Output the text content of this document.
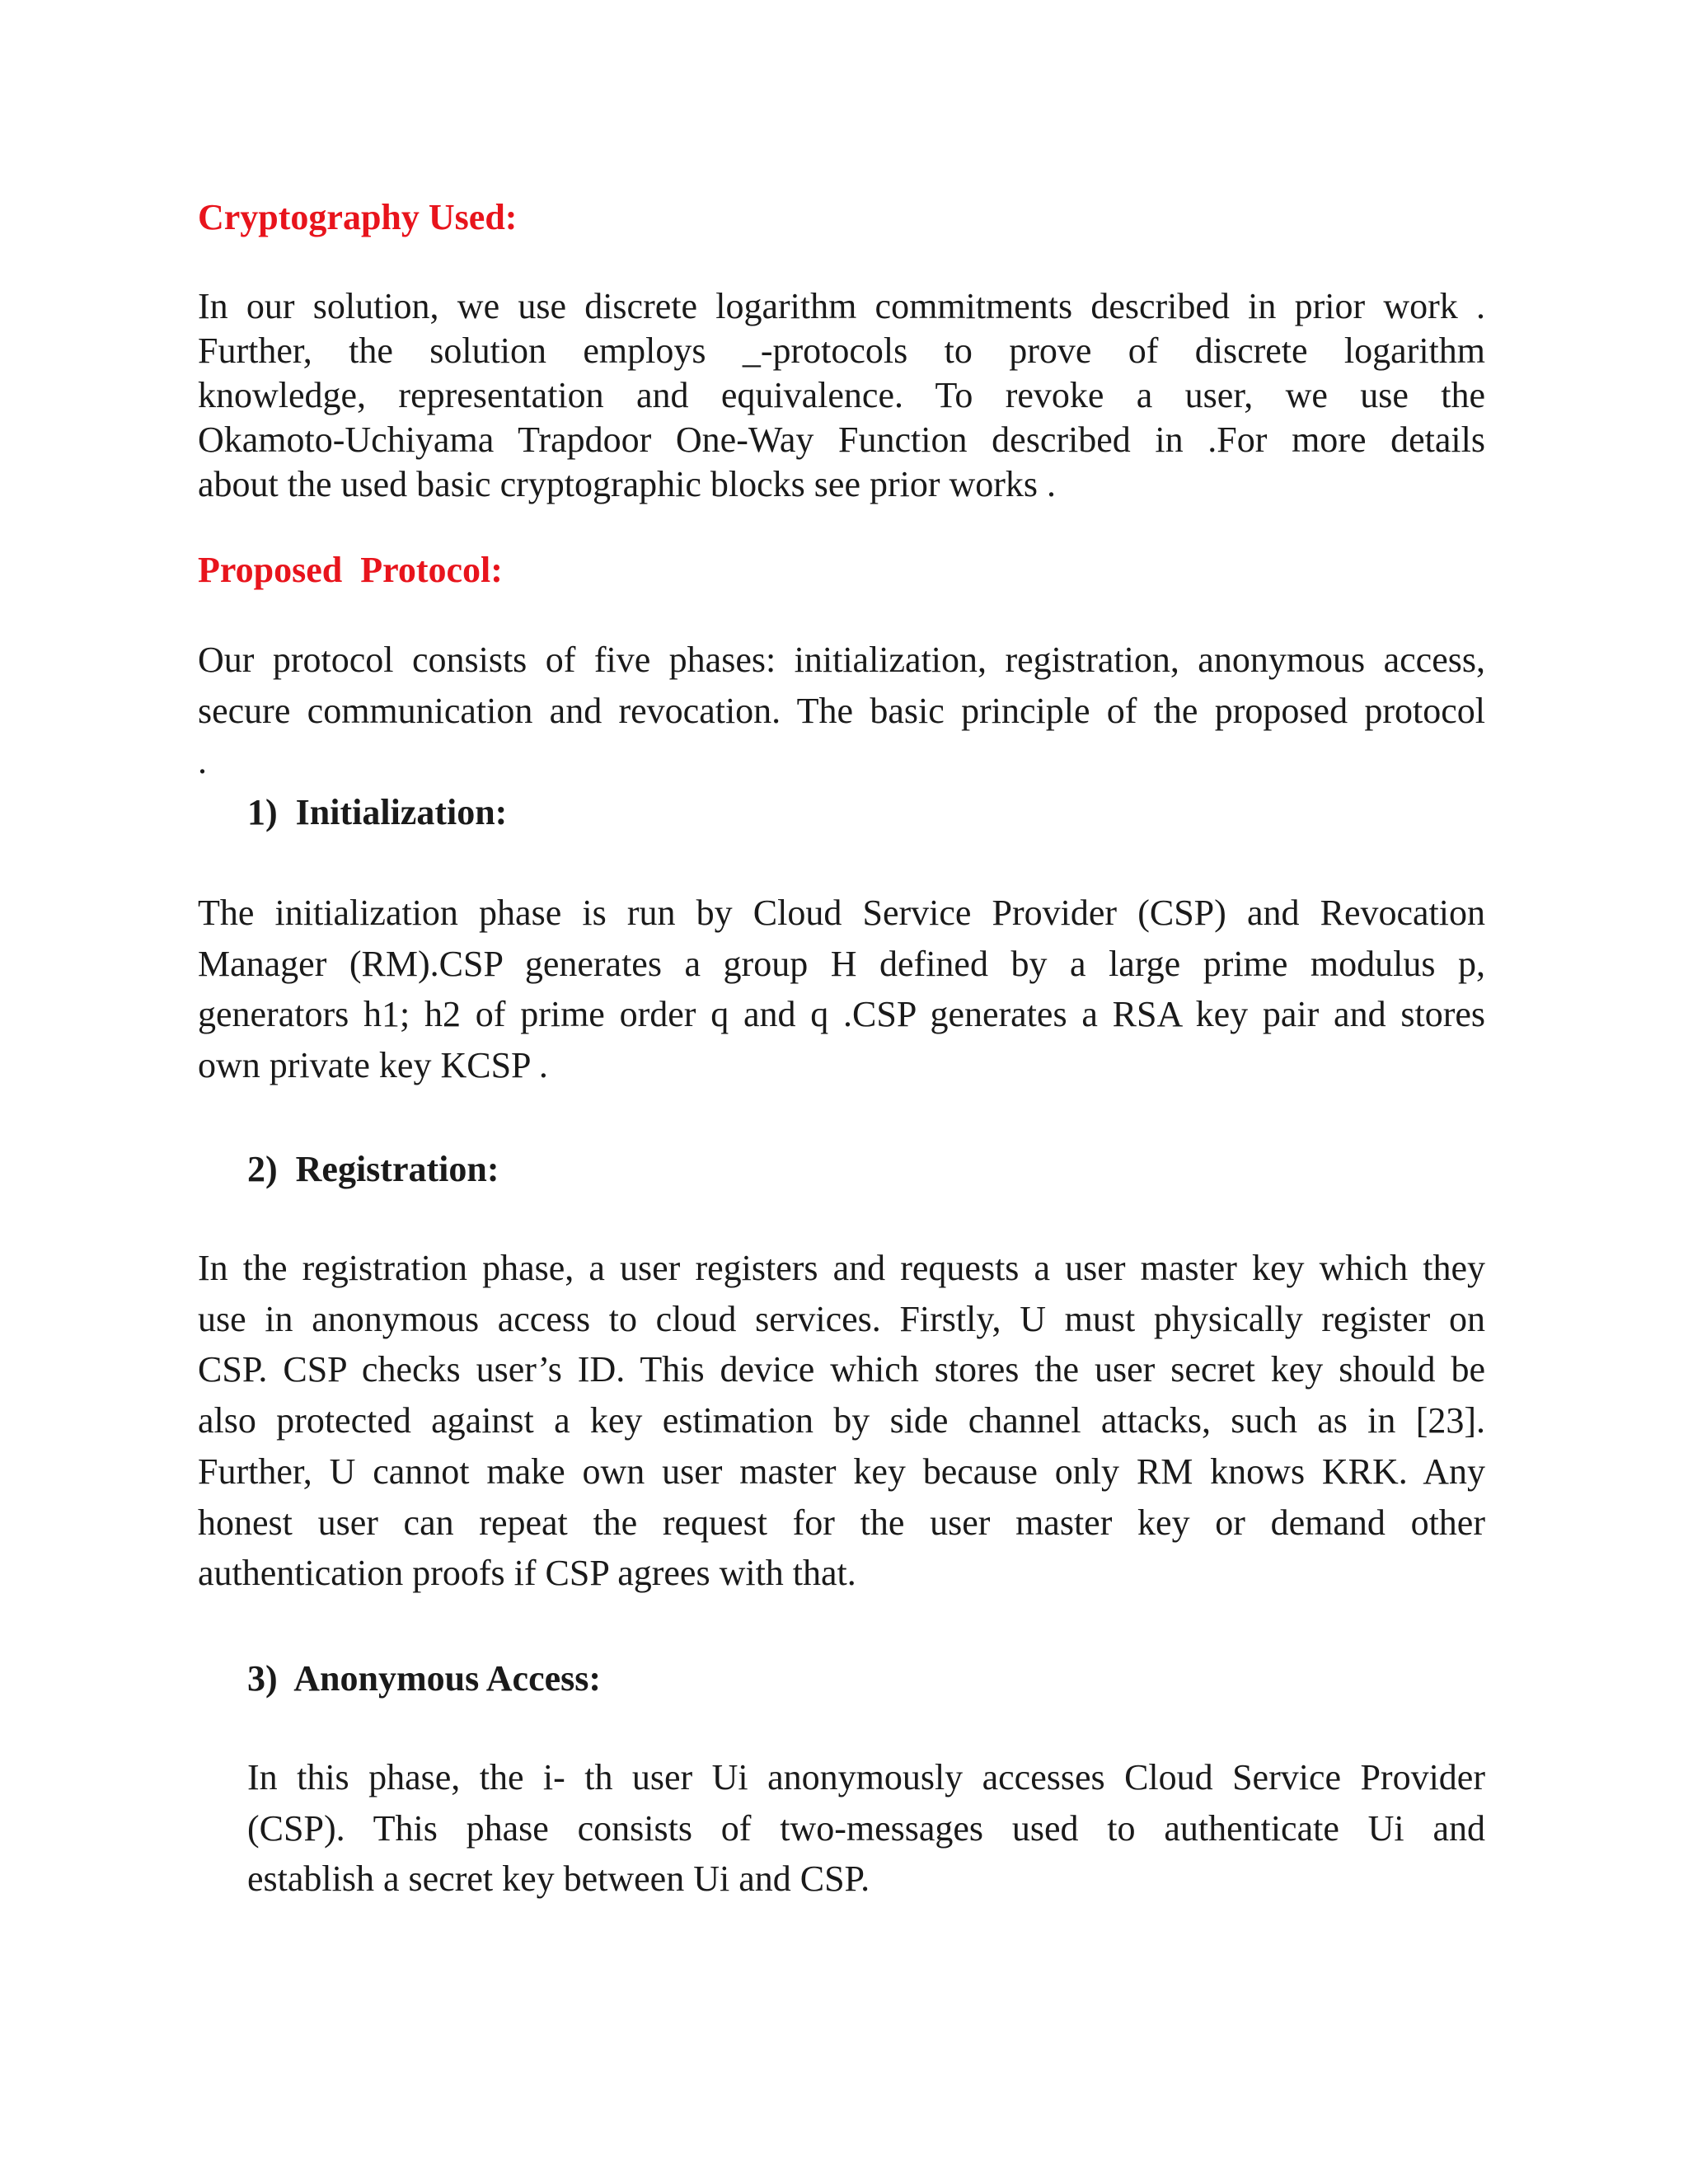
Cryptography Used:
In our solution, we use discrete logarithm commitments described in prior work .
Further, the solution employs _-protocols to prove of discrete logarithm
knowledge, representation and equivalence. To revoke a user, we use the
Okamoto-Uchiyama Trapdoor One-Way Function described in .For more details
about the used basic cryptographic blocks see prior works .
Proposed  Protocol:
Our protocol consists of five phases: initialization, registration, anonymous access,
secure communication and revocation. The basic principle of the proposed protocol
.
1)  Initialization:
The initialization phase is run by Cloud Service Provider (CSP) and Revocation
Manager (RM).CSP generates a group H defined by a large prime modulus p,
generators h1; h2 of prime order q and q .CSP generates a RSA key pair and stores
own private key KCSP .
2)  Registration:
In the registration phase, a user registers and requests a user master key which they
use in anonymous access to cloud services. Firstly, U must physically register on
CSP. CSP checks user’s ID. This device which stores the user secret key should be
also protected against a key estimation by side channel attacks, such as in [23].
Further, U cannot make own user master key because only RM knows KRK. Any
honest user can repeat the request for the user master key or demand other
authentication proofs if CSP agrees with that.
3)  Anonymous Access:
In this phase, the i- th user Ui anonymously accesses Cloud Service Provider
(CSP). This phase consists of two-messages used to authenticate Ui and
establish a secret key between Ui and CSP.
